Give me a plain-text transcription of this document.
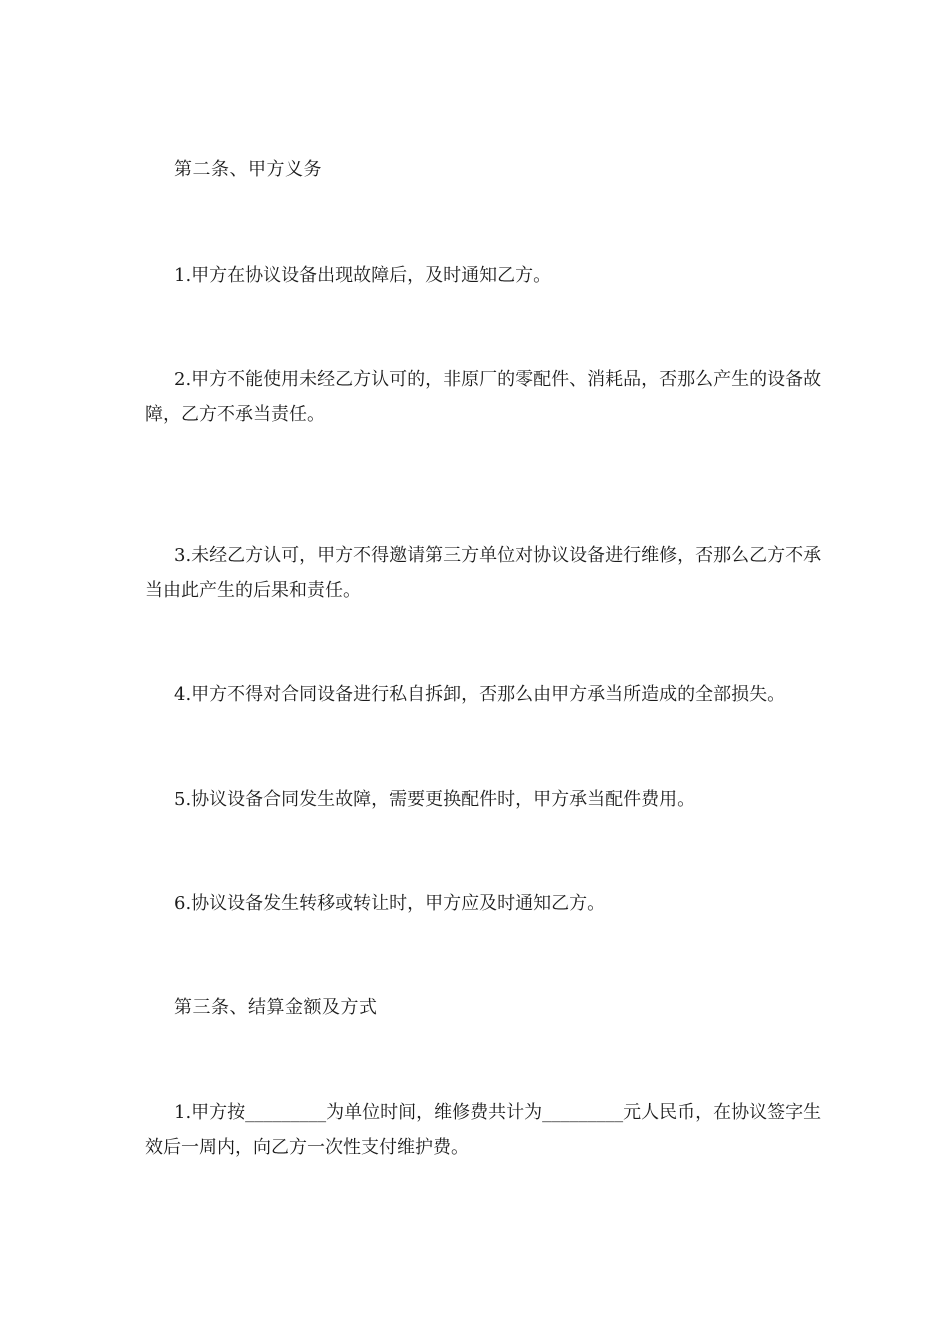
第二条、甲方义务

1.甲方在协议设备出现故障后，及时通知乙方。

2.甲方不能使用未经乙方认可的，非原厂的零配件、消耗品，否那么产生的设备故障，乙方不承当责任。

3.未经乙方认可，甲方不得邀请第三方单位对协议设备进行维修，否那么乙方不承当由此产生的后果和责任。

4.甲方不得对合同设备进行私自拆卸，否那么由甲方承当所造成的全部损失。

5.协议设备合同发生故障，需要更换配件时，甲方承当配件费用。

6.协议设备发生转移或转让时，甲方应及时通知乙方。

第三条、结算金额及方式

1.甲方按_________为单位时间，维修费共计为_________元人民币，在协议签字生效后一周内，向乙方一次性支付维护费。
